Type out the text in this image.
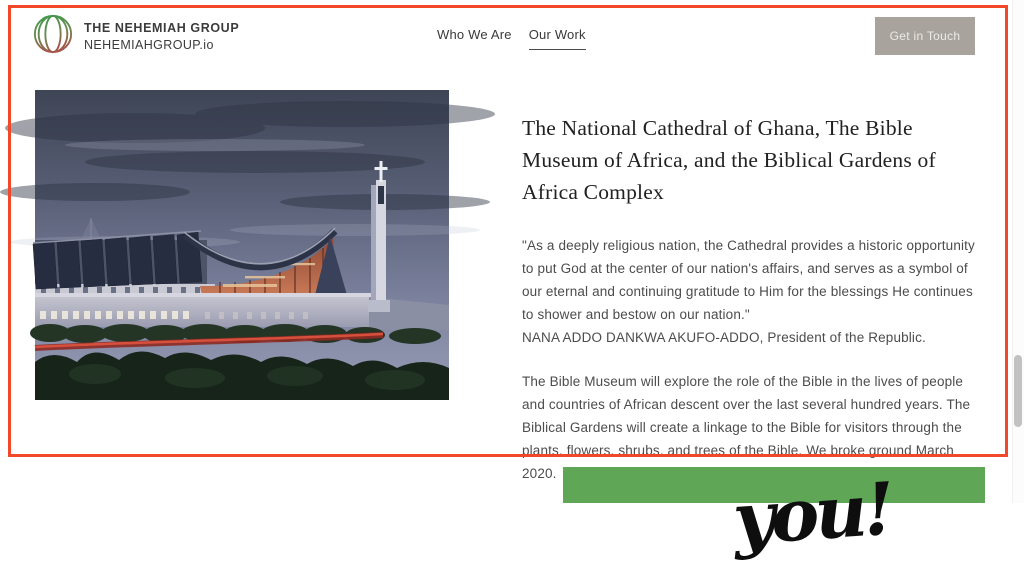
THE NEHEMIAH GROUP
NEHEMIAHGROUP.io
Who We Are Our Work	Get in Touch
The National Cathedral of Ghana, The Bible Museum of Africa, and the Biblical Gardens of Africa Complex

"As a deeply religious nation, the Cathedral provides a historic opportunity to put God at the center of our nation's affairs, and serves as a symbol of our eternal and continuing gratitude to Him for the blessings He continues to shower and bestow on our nation."
NANA ADDO DANKWA AKUFO-ADDO, President of the Republic.

The Bible Museum will explore the role of the Bible in the lives of people and countries of African descent over the last several hundred years. The Biblical Gardens will create a linkage to the Bible for visitors through the plants, flowers, shrubs, and trees of the Bible. We broke ground March 2020.	you!
